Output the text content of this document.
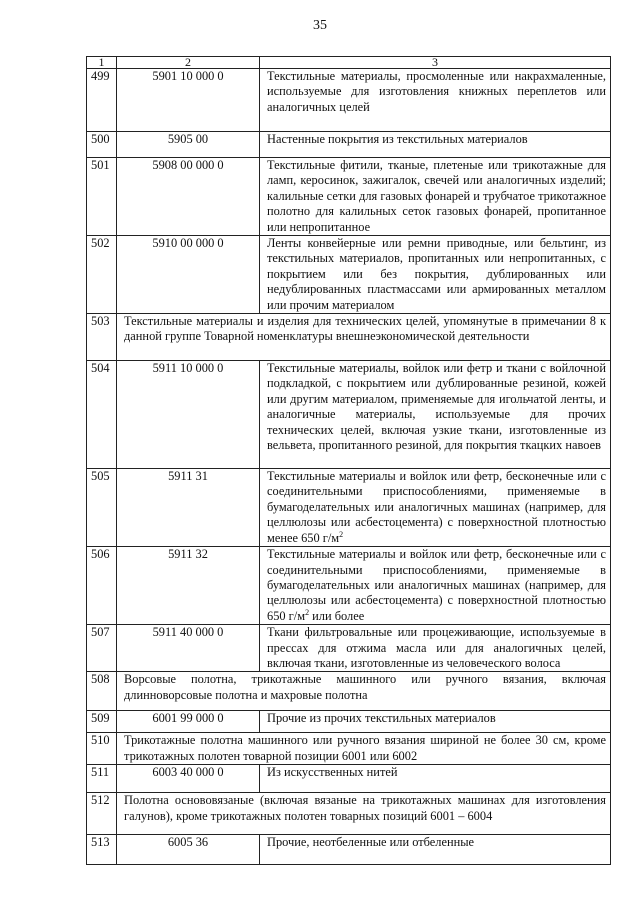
35
1	2	3
499	5901 10 000 0	Текстильные материалы, просмоленные или накрахмаленные, используемые для изготовления книжных переплетов или аналогичных целей
500	5905 00	Настенные покрытия из текстильных материалов
501	5908 00 000 0	Текстильные фитили, тканые, плетеные или трикотажные для ламп, керосинок, зажигалок, свечей или аналогичных изделий; калильные сетки для газовых фонарей и трубчатое трикотажное полотно для калильных сеток газовых фонарей, пропитанное или непропитанное
502	5910 00 000 0	Ленты конвейерные или ремни приводные, или бельтинг, из текстильных материалов, пропитанных или непропитанных, с покрытием или без покрытия, дублированных или недублированных пластмассами или армированных металлом или прочим материалом
503	Текстильные материалы и изделия для технических целей, упомянутые в примечании 8 к данной группе Товарной номенклатуры внешнеэкономической деятельности	
504	5911 10 000 0	Текстильные материалы, войлок или фетр и ткани с войлочной подкладкой, с покрытием или дублированные резиной, кожей или другим материалом, применяемые для игольчатой ленты, и аналогичные материалы, используемые для прочих технических целей, включая узкие ткани, изготовленные из вельвета, пропитанного резиной, для покрытия ткацких навоев
505	5911 31	Текстильные материалы и войлок или фетр, бесконечные или с соединительными приспособлениями, применяемые в бумагоделательных или аналогичных машинах (например, для целлюлозы или асбестоцемента) с поверхностной плотностью менее 650 $г/м^2$
506	5911 32	Текстильные материалы и войлок или фетр, бесконечные или с соединительными приспособлениями, применяемые в бумагоделательных или аналогичных машинах (например, для целлюлозы или асбестоцемента) с поверхностной плотностью 650 $г/м^2$ или более
507	5911 40 000 0	Ткани фильтровальные или процеживающие, используемые в прессах для отжима масла или для аналогичных целей, включая ткани, изготовленные из человеческого волоса
508	Ворсовые полотна, трикотажные машинного или ручного вязания, включая длинноворсовые полотна и махровые полотна	
509	6001 99 000 0	Прочие из прочих текстильных материалов
510	Трикотажные полотна машинного или ручного вязания шириной не более 30 см, кроме трикотажных полотен товарной позиции 6001 или 6002	
511	6003 40 000 0	Из искусственных нитей
512	Полотна основовязаные (включая вязаные на трикотажных машинах для изготовления галунов), кроме трикотажных полотен товарных позиций 6001 – 6004	
513	6005 36	Прочие, неотбеленные или отбеленные
